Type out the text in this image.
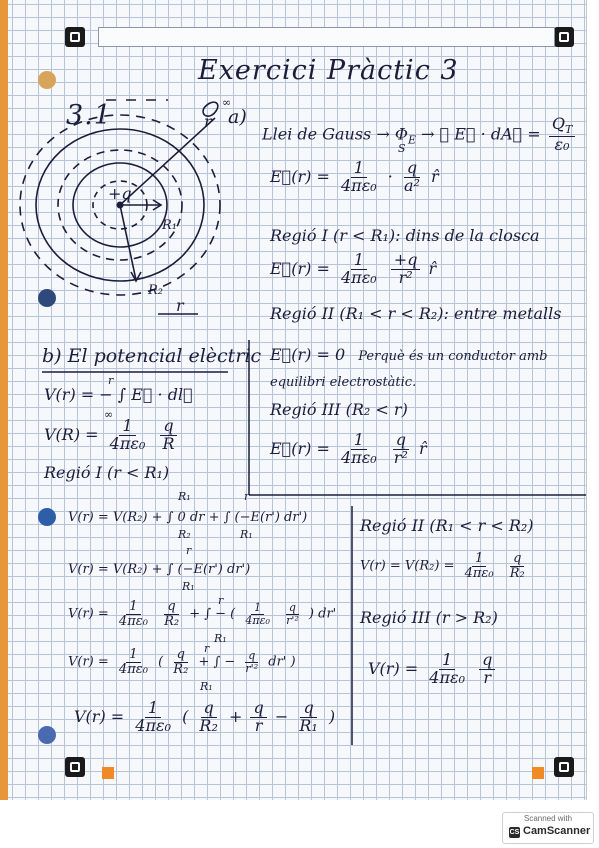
Exercici Pràctic 3
3.1
+q
R₁
R₂
r
r
∞
a)
Llei de Gauss → $\Phi_E$ → ∮ E⃗ · dA⃗ = $\frac{Q_T}{\text{ε₀}}$
S
E⃗(r) = $\frac{1}{\text{4πε₀}} \cdot \frac{q}{\text{a²}}$ r̂
Regió I (r < R₁): dins de la closca
E⃗(r) = $\frac{1}{\text{4πε₀}}$
$\frac{+q}{\text{r²}}$ r̂
Regió II (R₁ < r < R₂): entre metalls
E⃗(r) = 0 Perquè és un conductor amb
equilibri electrostàtic.
Regió III (R₂ < r)
E⃗(r) = $\frac{1}{\text{4πε₀}}$
$\frac{q}{\text{r²}}$ r̂
b) El potencial elèctric
V(r) = − ∫ E⃗ · dl⃗
r
∞
$V(R) = \frac{1}{\text{4πε₀}}$
$\frac{q}{R}$
Regió I (r < R₁)
V(r) = V(R₂) + ∫ 0 dr + ∫ (−E(r') dr')
R₁
R₂
r
R₁
V(r) = V(R₂) + ∫ (−E(r') dr')
r
R₁
$V(r) = \frac{1}{\text{4πε₀}}$
$\frac{q}{\text{R₂}}$ + ∫ − ( $\frac{1}{\text{4πε₀}}$
$\frac{q}{\text{r'²}}$ ) dr'
r
R₁
$V(r) = \frac{1}{\text{4πε₀}}$ ( $\frac{q}{\text{R₂}}$ + ∫ − $\frac{q}{\text{r'²}} dr'$ )
r
R₁
$V(r) = \frac{1}{\text{4πε₀}}$ ( $\frac{q}{\text{R₂}} + \frac{q}{r} - \frac{q}{\text{R₁}}$ )
Regió II (R₁ < r < R₂)
$V(r) = V(R_2) = \frac{1}{\text{4πε₀}}$
$\frac{q}{\text{R₂}}$
Regió III (r > R₂)
$V(r) = \frac{1}{\text{4πε₀}}$
$\frac{q}{r}$
Scanned with
CS CamScanner
